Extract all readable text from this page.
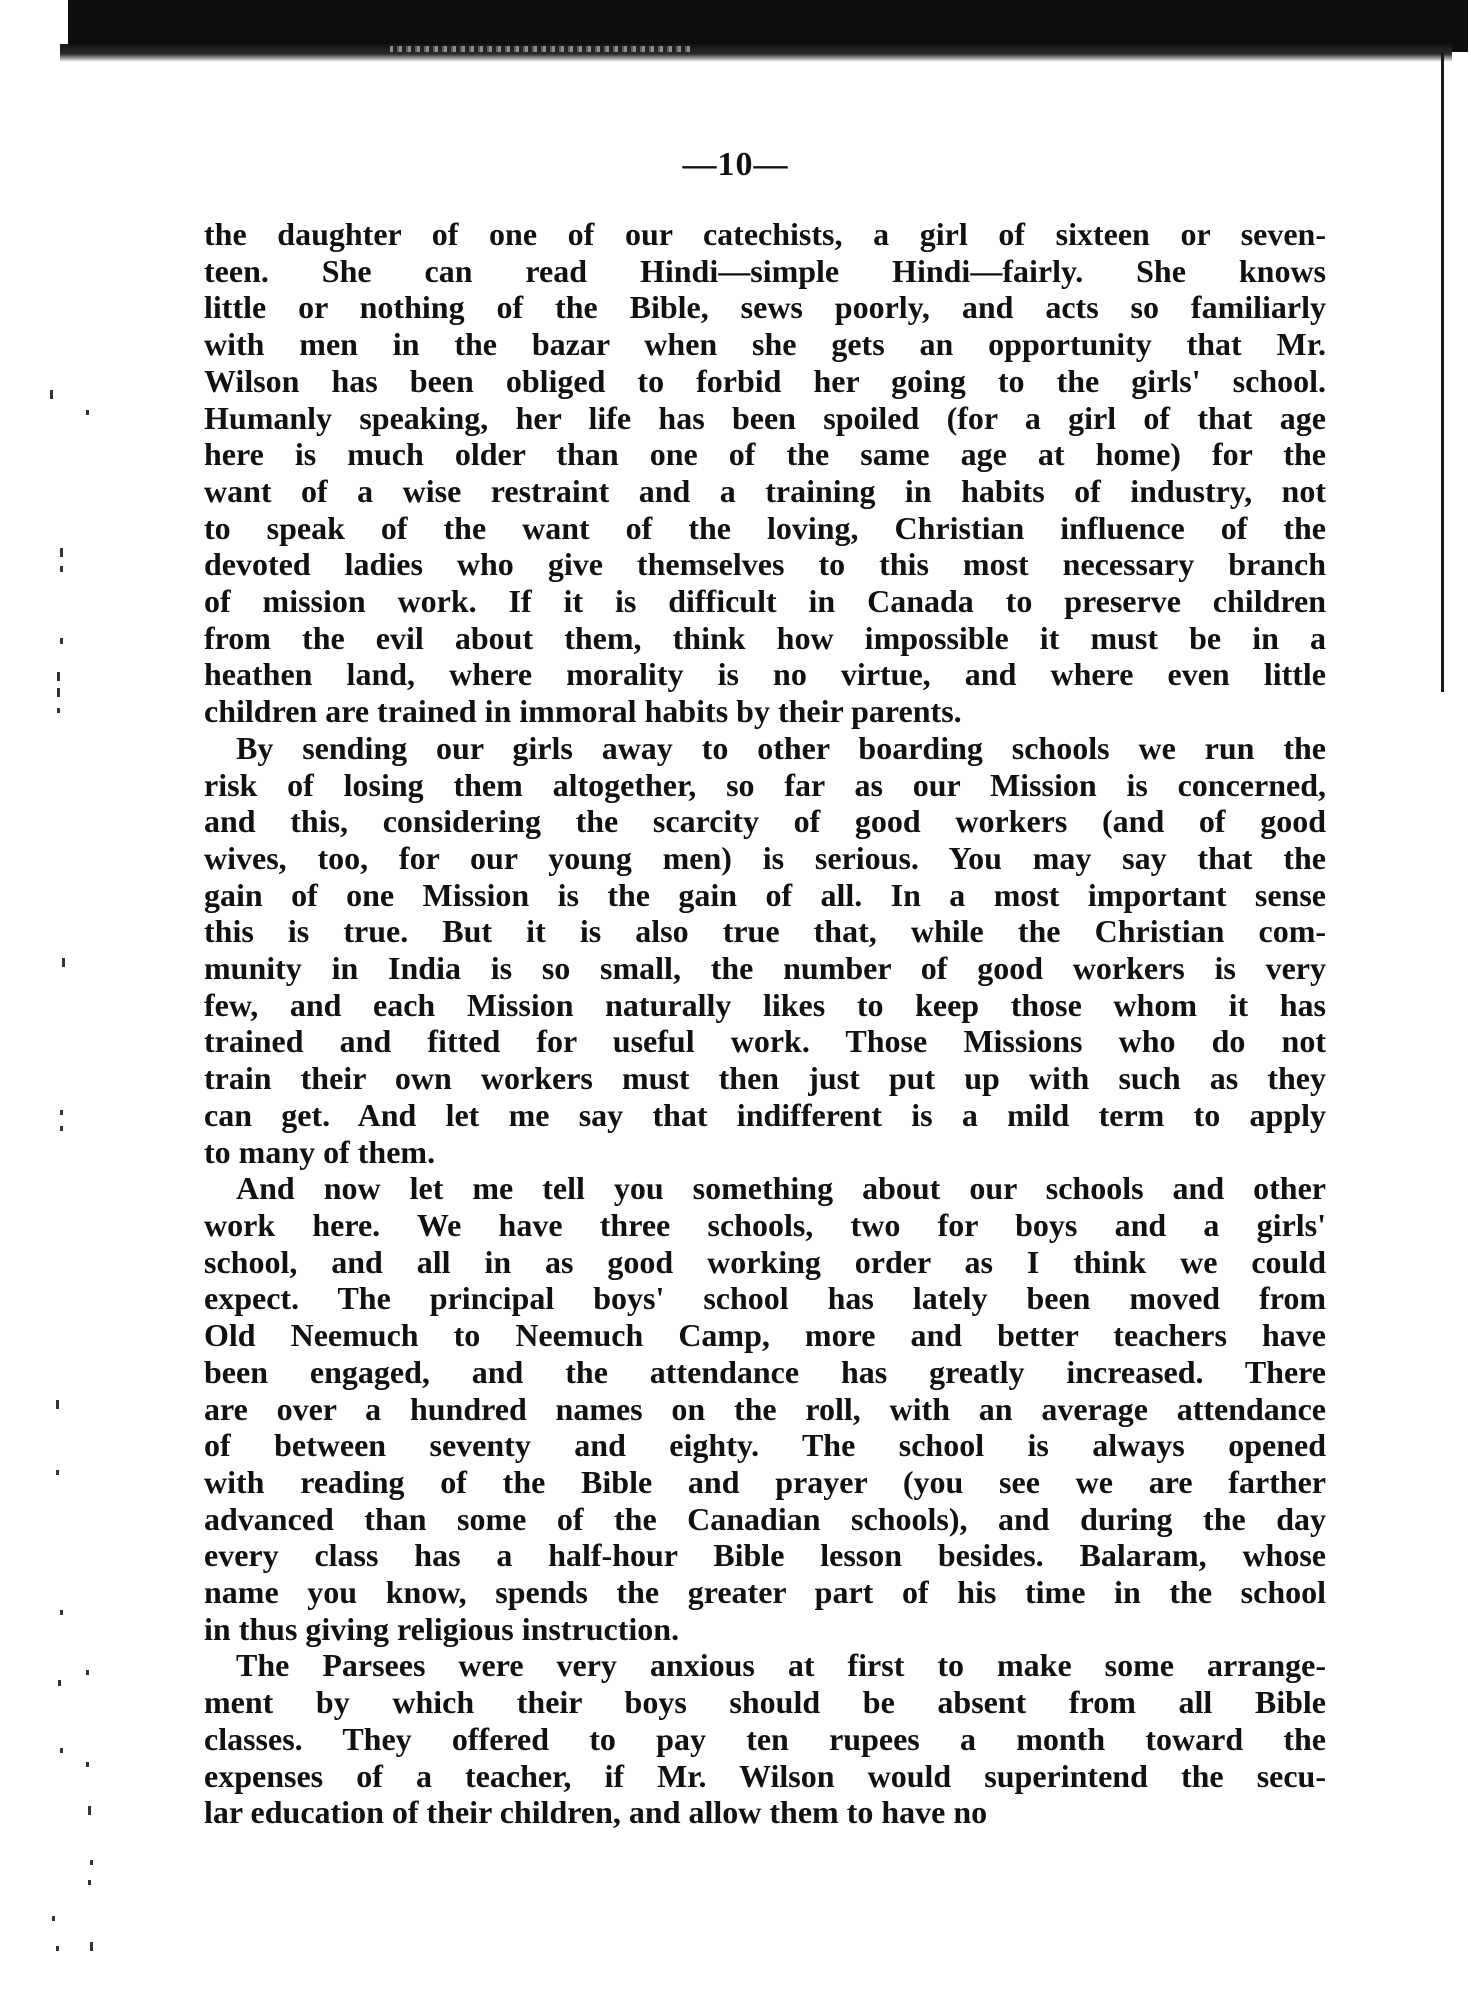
—10—

the daughter of one of our catechists, a girl of sixteen or seven-
teen. She can read Hindi—simple Hindi—fairly. She knows
little or nothing of the Bible, sews poorly, and acts so familiarly
with men in the bazar when she gets an opportunity that Mr.
Wilson has been obliged to forbid her going to the girls' school.
Humanly speaking, her life has been spoiled (for a girl of that age
here is much older than one of the same age at home) for the
want of a wise restraint and a training in habits of industry, not
to speak of the want of the loving, Christian influence of the
devoted ladies who give themselves to this most necessary branch
of mission work. If it is difficult in Canada to preserve children
from the evil about them, think how impossible it must be in a
heathen land, where morality is no virtue, and where even little
children are trained in immoral habits by their parents.

By sending our girls away to other boarding schools we run the
risk of losing them altogether, so far as our Mission is concerned,
and this, considering the scarcity of good workers (and of good
wives, too, for our young men) is serious. You may say that the
gain of one Mission is the gain of all. In a most important sense
this is true. But it is also true that, while the Christian com-
munity in India is so small, the number of good workers is very
few, and each Mission naturally likes to keep those whom it has
trained and fitted for useful work. Those Missions who do not
train their own workers must then just put up with such as they
can get. And let me say that indifferent is a mild term to apply
to many of them.

And now let me tell you something about our schools and other
work here. We have three schools, two for boys and a girls'
school, and all in as good working order as I think we could
expect. The principal boys' school has lately been moved from
Old Neemuch to Neemuch Camp, more and better teachers have
been engaged, and the attendance has greatly increased. There
are over a hundred names on the roll, with an average attendance
of between seventy and eighty. The school is always opened
with reading of the Bible and prayer (you see we are farther
advanced than some of the Canadian schools), and during the day
every class has a half-hour Bible lesson besides. Balaram, whose
name you know, spends the greater part of his time in the school
in thus giving religious instruction.

The Parsees were very anxious at first to make some arrange-
ment by which their boys should be absent from all Bible
classes. They offered to pay ten rupees a month toward the
expenses of a teacher, if Mr. Wilson would superintend the secu-
lar education of their children, and allow them to have no
